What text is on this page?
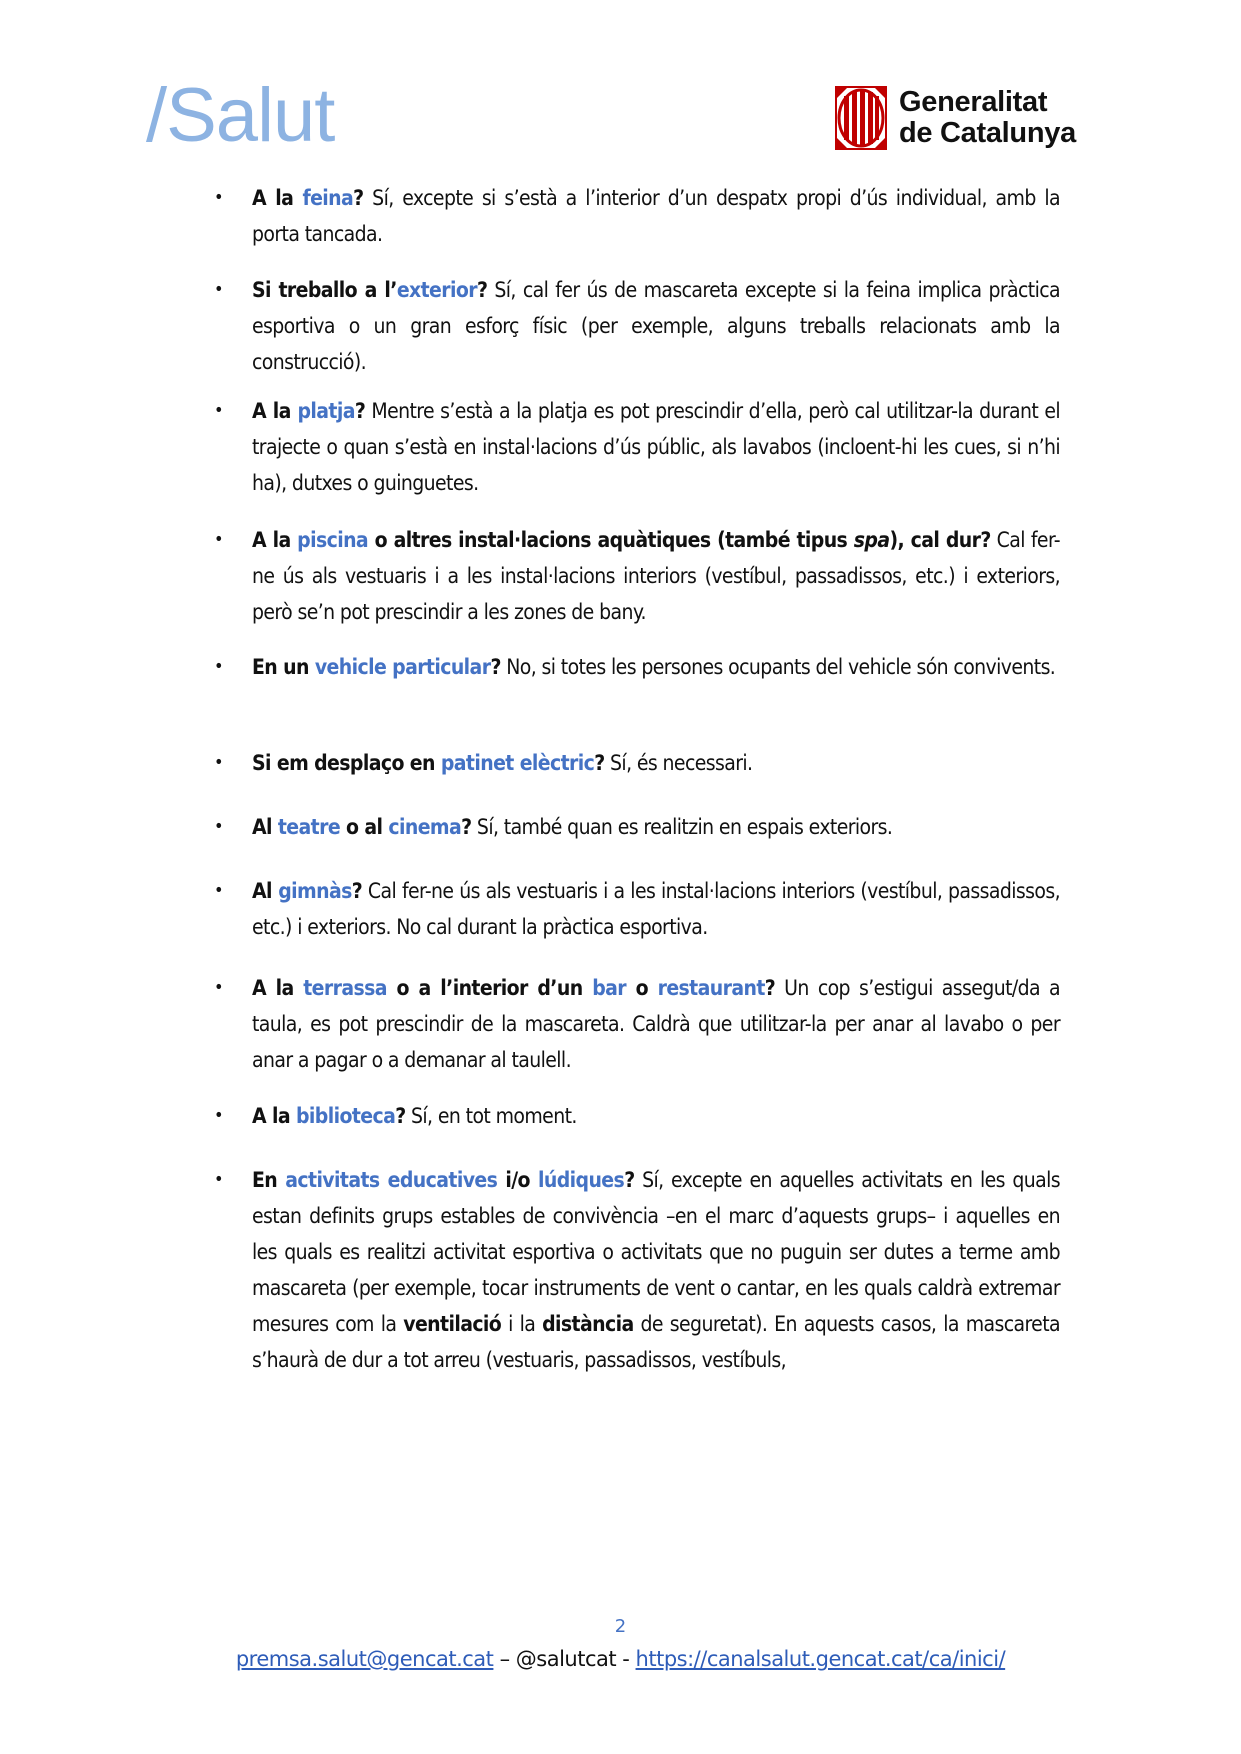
/Salut	Generalitat
de Catalunya
• A la feina? Sí, excepte si s’està a l’interior d’un despatx propi d’ús individual, amb la porta tancada.
• Si treballo a l’exterior? Sí, cal fer ús de mascareta excepte si la feina implica pràctica esportiva o un gran esforç físic (per exemple, alguns treballs relacionats amb la construcció).
• A la platja? Mentre s’està a la platja es pot prescindir d’ella, però cal utilitzar-la durant el trajecte o quan s’està en instal·lacions d’ús públic, als lavabos (incloent-hi les cues, si n’hi ha), dutxes o guinguetes.
• A la piscina o altres instal·lacions aquàtiques (també tipus spa), cal dur? Cal fer-ne ús als vestuaris i a les instal·lacions interiors (vestíbul, passadissos, etc.) i exteriors, però se’n pot prescindir a les zones de bany.
• En un vehicle particular? No, si totes les persones ocupants del vehicle són convivents.
• Si em desplaço en patinet elèctric? Sí, és necessari.
• Al teatre o al cinema? Sí, també quan es realitzin en espais exteriors.
• Al gimnàs? Cal fer-ne ús als vestuaris i a les instal·lacions interiors (vestíbul, passadissos, etc.) i exteriors. No cal durant la pràctica esportiva.
• A la terrassa o a l’interior d’un bar o restaurant? Un cop s’estigui assegut/da a taula, es pot prescindir de la mascareta. Caldrà que utilitzar-la per anar al lavabo o per anar a pagar o a demanar al taulell.
• A la biblioteca? Sí, en tot moment.
• En activitats educatives i/o lúdiques? Sí, excepte en aquelles activitats en les quals estan definits grups estables de convivència –en el marc d’aquests grups– i aquelles en les quals es realitzi activitat esportiva o activitats que no puguin ser dutes a terme amb mascareta (per exemple, tocar instruments de vent o cantar, en les quals caldrà extremar mesures com la ventilació i la distància de seguretat). En aquests casos, la mascareta s’haurà de dur a tot arreu (vestuaris, passadissos, vestíbuls,
2
premsa.salut@gencat.cat – @salutcat - https://canalsalut.gencat.cat/ca/inici/
